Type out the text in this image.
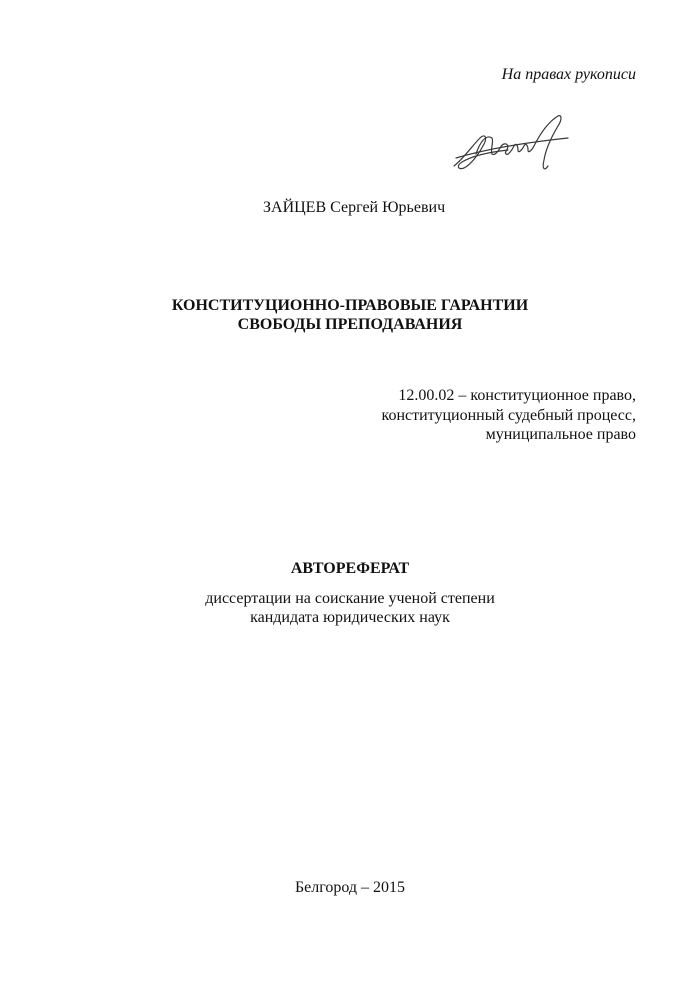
На правах рукописи
ЗАЙЦЕВ Сергей Юрьевич
КОНСТИТУЦИОННО-ПРАВОВЫЕ ГАРАНТИИ
СВОБОДЫ ПРЕПОДАВАНИЯ
12.00.02 – конституционное право,
конституционный судебный процесс,
муниципальное право
АВТОРЕФЕРАТ
диссертации на соискание ученой степени
кандидата юридических наук
Белгород – 2015
